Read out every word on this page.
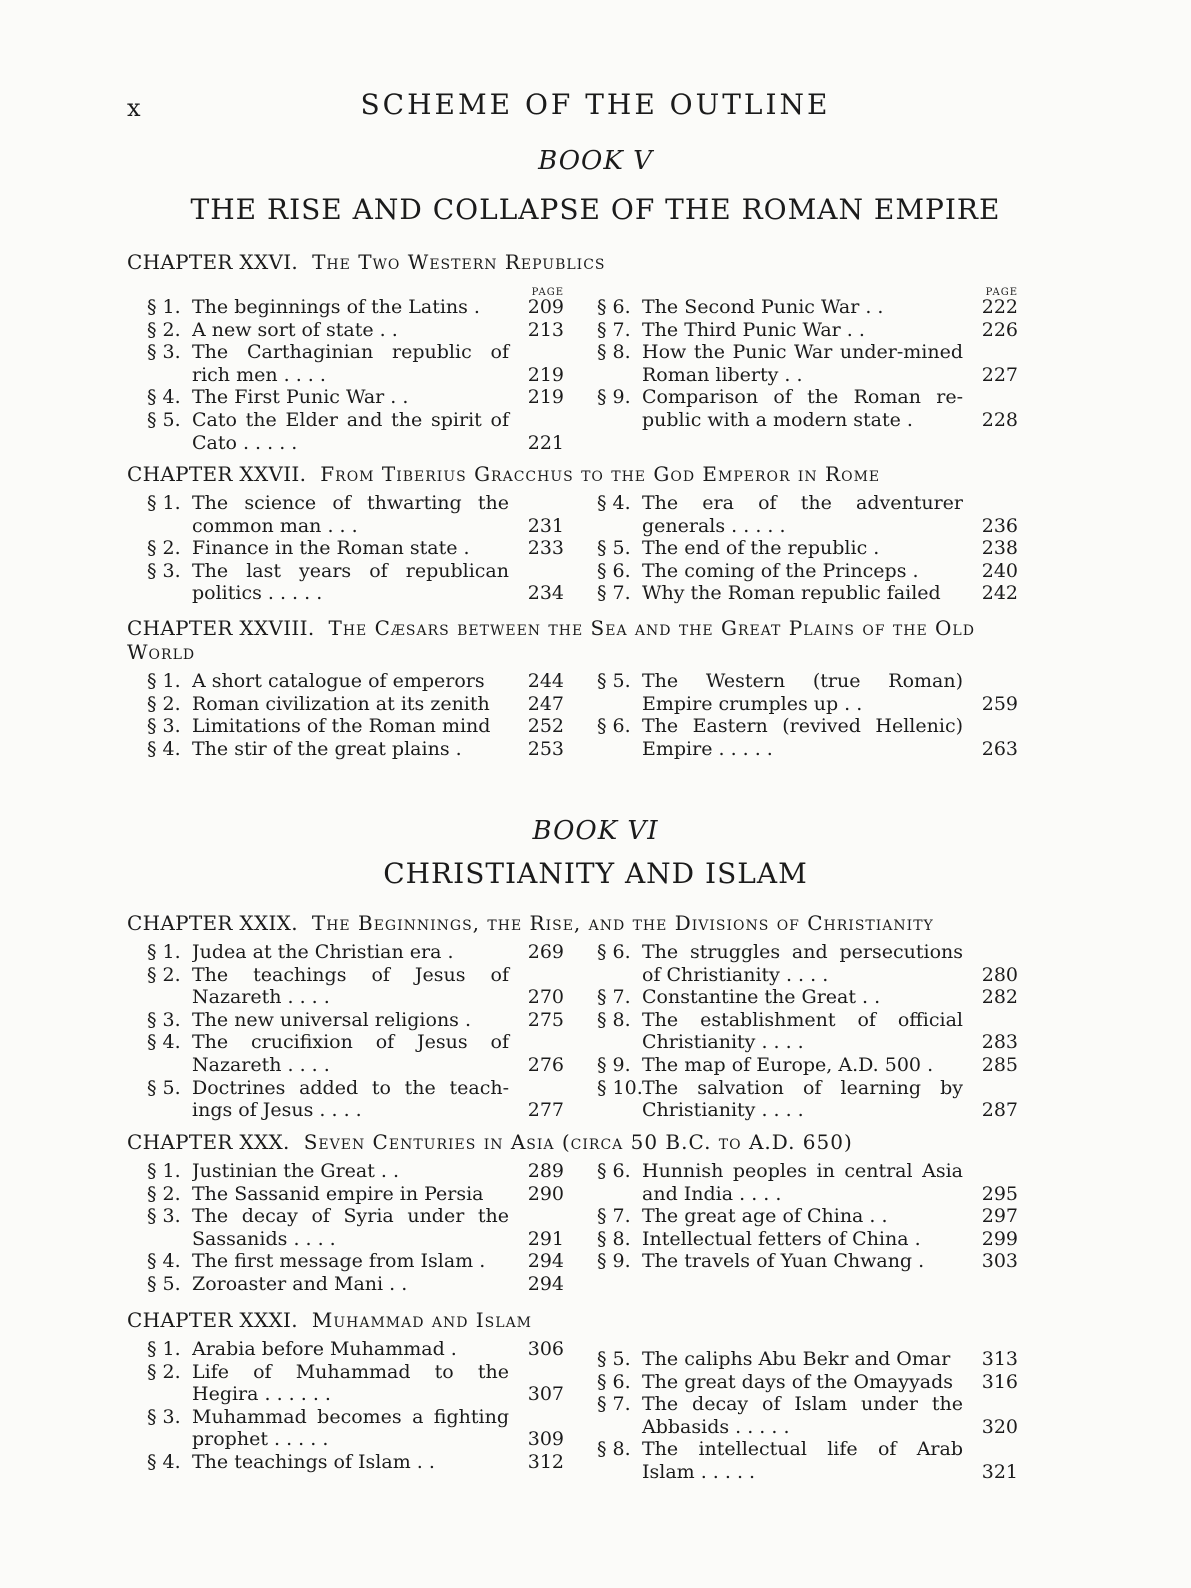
x	SCHEME OF THE OUTLINE
BOOK V
THE RISE AND COLLAPSE OF THE ROMAN EMPIRE
CHAPTER XXVI. The Two Western Republics
PAGE
§ 1. The beginnings of the Latins .	209
§ 2. A new sort of state . .	213
§ 3. The Carthaginian republic of rich men . . . .	219
§ 4. The First Punic War . .	219
§ 5. Cato the Elder and the spirit of Cato . . . . .	221
PAGE
§ 6. The Second Punic War . .	222
§ 7. The Third Punic War . .	226
§ 8. How the Punic War under-mined Roman liberty . .	227
§ 9. Comparison of the Roman re-public with a modern state .	228
CHAPTER XXVII. From Tiberius Gracchus to the God Emperor in Rome
§ 1. The science of thwarting the common man . . .	231
§ 2. Finance in the Roman state .	233
§ 3. The last years of republican politics . . . . .	234
§ 4. The era of the adventurer generals . . . . .	236
§ 5. The end of the republic .	238
§ 6. The coming of the Princeps .	240
§ 7. Why the Roman republic failed	242
CHAPTER XXVIII. The Cæsars between the Sea and the Great Plains of the Old World
§ 1. A short catalogue of emperors	244
§ 2. Roman civilization at its zenith	247
§ 3. Limitations of the Roman mind	252
§ 4. The stir of the great plains .	253
§ 5. The Western (true Roman) Empire crumples up . .	259
§ 6. The Eastern (revived Hellenic) Empire . . . . .	263
BOOK VI
CHRISTIANITY AND ISLAM
CHAPTER XXIX. The Beginnings, the Rise, and the Divisions of Christianity
§ 1. Judea at the Christian era .	269
§ 2. The teachings of Jesus of Nazareth . . . .	270
§ 3. The new universal religions .	275
§ 4. The crucifixion of Jesus of Nazareth . . . .	276
§ 5. Doctrines added to the teach-ings of Jesus . . . .	277
§ 6. The struggles and persecutions of Christianity . . . .	280
§ 7. Constantine the Great . .	282
§ 8. The establishment of official Christianity . . . .	283
§ 9. The map of Europe, A.D. 500 .	285
§ 10. The salvation of learning by Christianity . . . .	287
CHAPTER XXX. Seven Centuries in Asia (circa 50 B.C. to A.D. 650)
§ 1. Justinian the Great . .	289
§ 2. The Sassanid empire in Persia	290
§ 3. The decay of Syria under the Sassanids . . . .	291
§ 4. The first message from Islam .	294
§ 5. Zoroaster and Mani . .	294
§ 6. Hunnish peoples in central Asia and India . . . .	295
§ 7. The great age of China . .	297
§ 8. Intellectual fetters of China .	299
§ 9. The travels of Yuan Chwang .	303
CHAPTER XXXI. Muhammad and Islam
§ 1. Arabia before Muhammad .	306
§ 2. Life of Muhammad to the Hegira . . . . . .	307
§ 3. Muhammad becomes a fighting prophet . . . . .	309
§ 4. The teachings of Islam . .	312
§ 5. The caliphs Abu Bekr and Omar	313
§ 6. The great days of the Omayyads	316
§ 7. The decay of Islam under the Abbasids . . . . .	320
§ 8. The intellectual life of Arab Islam . . . . .	321
